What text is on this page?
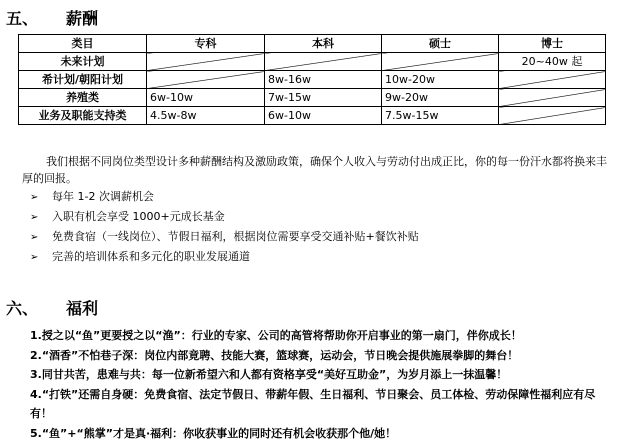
五、 薪酬
类目	专科	本科	硕士	博士
未来计划				20~40w 起
希计划/朝阳计划		8w-16w	10w-20w	
养殖类	6w-10w	7w-15w	9w-20w	
业务及职能支持类	4.5w-8w	6w-10w	7.5w-15w	
我们根据不同岗位类型设计多种薪酬结构及激励政策，确保个人收入与劳动付出成正比，你的每一份汗水都将换来丰厚的回报。
➢ 每年 1-2 次调薪机会
➢ 入职有机会享受 1000+元成长基金
➢ 免费食宿（一线岗位）、节假日福利，根据岗位需要享受交通补贴+餐饮补贴
➢ 完善的培训体系和多元化的职业发展通道
六、 福利
1.授之以“鱼”更要授之以“渔”：行业的专家、公司的高管将帮助你开启事业的第一扇门，伴你成长！
2.“酒香”不怕巷子深：岗位内部竟聘、技能大赛，篮球赛，运动会，节日晚会提供施展拳脚的舞台！
3.同甘共苦，患难与共：每一位新希望六和人都有资格享受“美好互助金”，为岁月添上一抹温馨！
4.“打铁”还需自身硬：免费食宿、法定节假日、带薪年假、生日福利、节日聚会、员工体检、劳动保障性福利应有尽有！
5.“鱼”+“熊掌”才是真·福利：你收获事业的同时还有机会收获那个他/她！
